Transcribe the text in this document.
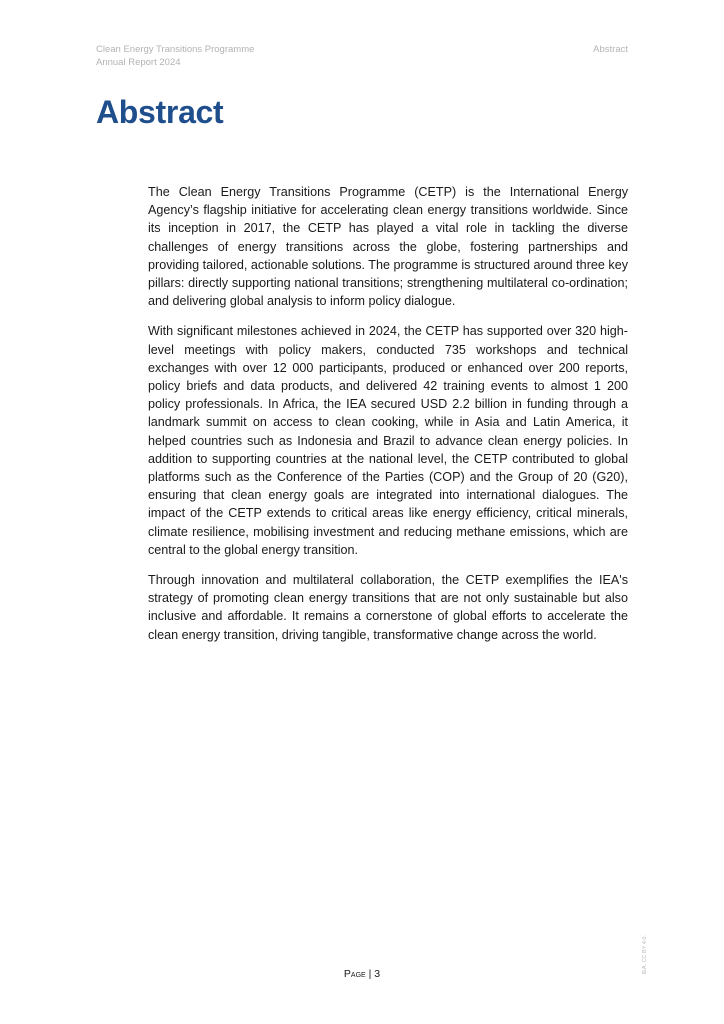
Clean Energy Transitions Programme
Annual Report 2024
Abstract
Abstract

The Clean Energy Transitions Programme (CETP) is the International Energy Agency’s flagship initiative for accelerating clean energy transitions worldwide. Since its inception in 2017, the CETP has played a vital role in tackling the diverse challenges of energy transitions across the globe, fostering partnerships and providing tailored, actionable solutions. The programme is structured around three key pillars: directly supporting national transitions; strengthening multilateral co-ordination; and delivering global analysis to inform policy dialogue.

With significant milestones achieved in 2024, the CETP has supported over 320 high-level meetings with policy makers, conducted 735 workshops and technical exchanges with over 12 000 participants, produced or enhanced over 200 reports, policy briefs and data products, and delivered 42 training events to almost 1 200 policy professionals. In Africa, the IEA secured USD 2.2 billion in funding through a landmark summit on access to clean cooking, while in Asia and Latin America, it helped countries such as Indonesia and Brazil to advance clean energy policies. In addition to supporting countries at the national level, the CETP contributed to global platforms such as the Conference of the Parties (COP) and the Group of 20 (G20), ensuring that clean energy goals are integrated into international dialogues. The impact of the CETP extends to critical areas like energy efficiency, critical minerals, climate resilience, mobilising investment and reducing methane emissions, which are central to the global energy transition.

Through innovation and multilateral collaboration, the CETP exemplifies the IEA's strategy of promoting clean energy transitions that are not only sustainable but also inclusive and affordable. It remains a cornerstone of global efforts to accelerate the clean energy transition, driving tangible, transformative change across the world.

Page | 3	IEA. CC BY 4.0.
